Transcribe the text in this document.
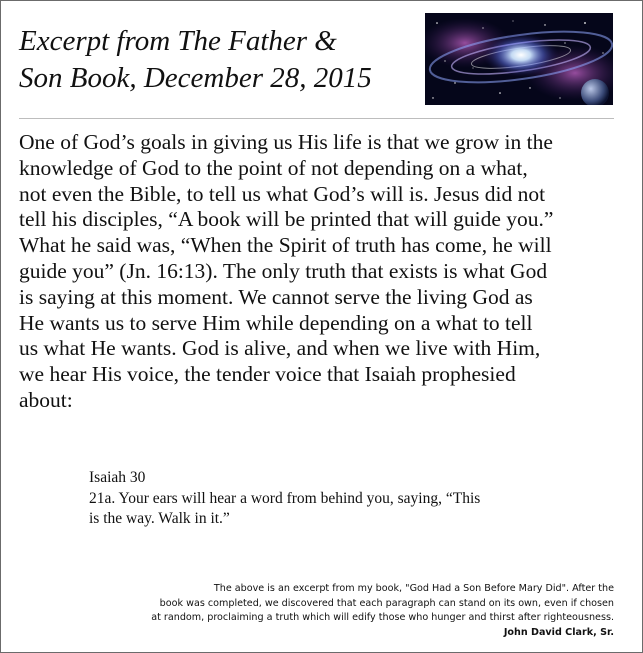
Excerpt from The Father &
Son Book, December 28, 2015
One of God’s goals in giving us His life is that we grow in the
knowledge of God to the point of not depending on a what,
not even the Bible, to tell us what God’s will is. Jesus did not
tell his disciples, “A book will be printed that will guide you.”
What he said was, “When the Spirit of truth has come, he will
guide you” (Jn. 16:13). The only truth that exists is what God
is saying at this moment. We cannot serve the living God as
He wants us to serve Him while depending on a what to tell
us what He wants. God is alive, and when we live with Him,
we hear His voice, the tender voice that Isaiah prophesied
about:
Isaiah 30
21a. Your ears will hear a word from behind you, saying, “This
is the way. Walk in it.”
The above is an excerpt from my book, "God Had a Son Before Mary Did". After the
book was completed, we discovered that each paragraph can stand on its own, even if chosen
at random, proclaiming a truth which will edify those who hunger and thirst after righteousness.
John David Clark, Sr.
